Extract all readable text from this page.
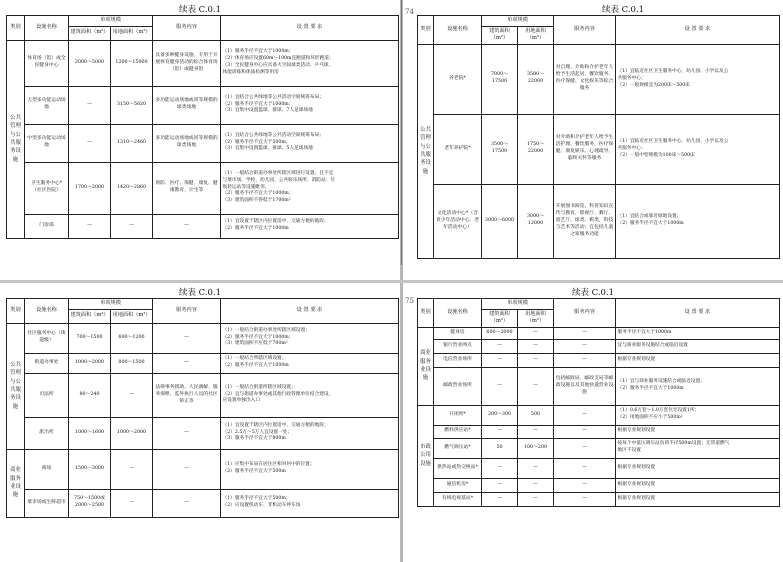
续表 C.0.1
类别	设施名称	单项规模		服务内容	设 置 要 求
		建筑面积（m²）	用地面积（m²）		
公共管理与公共服务设施	体育场（馆）或全民健身中心	2000～5000	1200～15000	具备多种健身设施、专用于开展体育健身活动的综合体育场（馆）或健身馆	（1）服务半径不宜大于1000m；
（2）体育场应设置60m～100m直跑道和环形跑道；
（3）全民健身中心应具备大空间球类活动、乒乓球、
体能训练和体质检测等用房

	大型多功能运动场地	—	3150～5620	多功能运动场地或同等规模的球类场地	（1）宜结合公共绿地等公共活动空间统筹布局；
（2）服务半径不宜大于1000m；
（3）宜集中设置篮球、排球、7人足球场地

	中型多功能运动场地	—	1310～2460	多功能运动场地或同等规模的球类场地	（1）宜结合公共绿地等公共活动空间统筹布局；
（2）服务半径不宜大于500m；
（3）宜集中设置篮球、排球、5人足球场地

	卫生服务中心*（社区医院）	1700～2000	1420～2860	预防、医疗、保健、康复、健康教育、计生等	（1）一般结合街道办事处所辖区域进行设置，且不宜
与菜市场、学校、幼儿园、公共娱乐场所、消防站、垃
圾转运站等设施毗邻；
（2）服务半径不宜大于1000m；
（3）建筑面积不得低于1700m²

	门诊部	—	—	—	（1）宜设置于辖区内位置适中、交通方便的地段；
（2）服务半径不宜大于1000m
74	续表 C.0.1
类别	设施名称	单项规模		服务内容	设 置 要 求
		建筑面积（m²）	用地面积（m²）		
公共管理与公共服务设施	养老院*	7000～17500	3500～22000	对自理、介助和介护老年人给予生活起居、餐饮服务、医疗保健、文化娱乐等综合服务	（1）宜临近社区卫生服务中心、幼儿园、小学以及公
共服务中心；
（2）一般规模宜为200床～500床

	老年养护院*	3500～17500	1750～22000	对介助和介护老年人给予生活护理、餐饮服务、医疗保健、康复娱乐、心理疏导、临终关怀等服务	（1）宜临近社区卫生服务中心、幼儿园、小学以及公
共服务中心；
（2）一般中型规模为100床～500床

	文化活动中心*（含青少年活动中心、老年活动中心）	3000～6000	3000～12000	开展图书阅览、科普知识宣传与教育，影视厅、舞厅、游艺厅、球类、棋类，科技与艺术等活动；宜包括儿童之家服务功能	（1）宜结合或靠近绿地设置；
（2）服务半径不宜大于1000m
续表 C.0.1
类别	设施名称	单项规模		服务内容	设 置 要 求
		建筑面积（m²）	用地面积（m²）		
公共管理与公共服务设施	社区服务中心（街道级）	700～1500	600～1200	—	（1）一般结合街道办事处所辖区域设置；
（2）服务半径不宜大于1000m；
（3）建筑面积不应低于700m²

	街道办事处	1000～2000	800～1500	—	（1）一般结合所辖区域设置；
（2）服务半径不宜大于1000m

	司法所	80～240	—	法律事务援助、人民调解、服务保释、监外执行人员的社区矫正等	（1）一般结合街道所辖区域设置；
（2）宜与街道办事处或其他行政管理单位结合建设，
应设置单独出入口

	派出所	1000～1600	1000～2000	—	（1）宜设置于辖区内位置适中、交通方便的地段；
（2）2.5万～5万人宜设置一处；
（3）服务半径不宜大于800m

商业服务业设施	商场	1500～3000	—	—	（1）应集中布局在居住区相对居中的位置；
（2）服务半径不宜大于500m

	菜市场或生鲜超市	750～1500或2000～2500	—	—	（1）服务半径不宜大于500m；
（2）应设置机动车、非机动车停车场
75
续表 C.0.1
类别	设施名称	单项规模		服务内容	设 置 要 求
		建筑面积（m²）	用地面积（m²）		
商业服务业设施	健身房	600～2000	—	—	服务半径不宜大于1000m

	银行营业网点	—	—	—	宜与商业服务设施结合或临近设置

	电信营业场所	—	—	—	根据专业规划设置

	邮政营业场所	—	—	包括邮政局、邮政支局等邮政设施以及其他快递营业设施	（1）宜与商业服务设施结合或临近设置；
（2）服务半径不宜大于1000m

市政公用设施	开闭所*	200～300	500	—	（1）0.6万套～1.0万套住宅设置1所；
（2）用地面积不应小于500m²

	燃料供应站*	—	—	—	根据专业规划设置

	燃气调压站*	50	100～200	—	按每个中低压调压站负荷半径500m设置；无管道燃气
地区不设置

	供热站或热交换站*	—	—	—	根据专业规划设置

	通信机房*	—	—	—	根据专业规划设置

	有线电视基站*	—	—	—	根据专业规划设置
